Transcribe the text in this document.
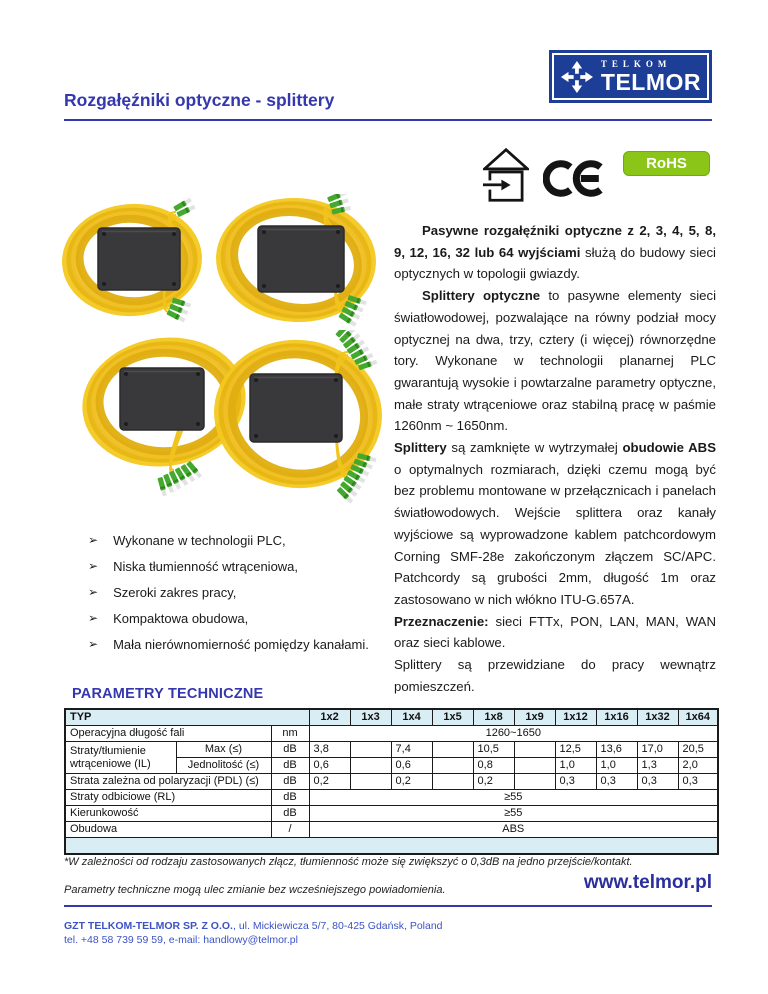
TELKOM
TELMOR
Rozgałęźniki optyczne - splittery
RoHS
➢ Wykonane w technologii PLC,
➢ Niska tłumienność wtrąceniowa,
➢ Szeroki zakres pracy,
➢ Kompaktowa obudowa,
➢ Mała nierównomierność pomiędzy kanałami.

Pasywne rozgałęźniki optyczne z 2, 3, 4, 5, 8, 9, 12, 16, 32 lub 64 wyjściami służą do budowy sieci optycznych w topologii gwiazdy.

Splittery optyczne to pasywne elementy sieci światłowodowej, pozwalające na równy podział mocy optycznej na dwa, trzy, cztery (i więcej) równorzędne tory. Wykonane w technologii planarnej PLC gwarantują wysokie i powtarzalne parametry optyczne, małe straty wtrąceniowe oraz stabilną pracę w paśmie 1260nm ~ 1650nm.

Splittery są zamknięte w wytrzymałej obudowie ABS o optymalnych rozmiarach, dzięki czemu mogą być bez problemu montowane w przełącznicach i panelach światłowodowych. Wejście splittera oraz kanały wyjściowe są wyprowadzone kablem patchcordowym Corning SMF-28e zakończonym złączem SC/APC. Patchcordy są grubości 2mm, długość 1m oraz zastosowano w nich włókno ITU-G.657A.

Przeznaczenie: sieci FTTx, PON, LAN, MAN, WAN oraz sieci kablowe.

Splittery są przewidziane do pracy wewnątrz pomieszczeń.

PARAMETRY TECHNICZNE
TYP			1x2	1x3	1x4	1x5	1x8	1x9	1x12	1x16	1x32	1x64
Operacyjna długość fali		nm	1260~1650									
Straty/tłumienie wtrąceniowe (IL)	Max (≤)	dB	3,8		7,4		10,5		12,5	13,6	17,0	20,5
	Jednolitość (≤)	dB	0,6		0,6		0,8		1,0	1,0	1,3	2,0
Strata zależna od polaryzacji (PDL) (≤)		dB	0,2		0,2		0,2		0,3	0,3	0,3	0,3
Straty odbiciowe (RL)		dB	≥55									
Kierunkowość		dB	≥55									
Obudowa		/	ABS									

*W zależności od rodzaju zastosowanych złącz, tłumienność może się zwiększyć o 0,3dB na jedno przejście/kontakt.
Parametry techniczne mogą ulec zmianie bez wcześniejszego powiadomienia.	www.telmor.pl
GZT TELKOM-TELMOR SP. Z O.O., ul. Mickiewicza 5/7, 80-425 Gdańsk, Poland
tel. +48 58 739 59 59, e-mail: handlowy@telmor.pl
